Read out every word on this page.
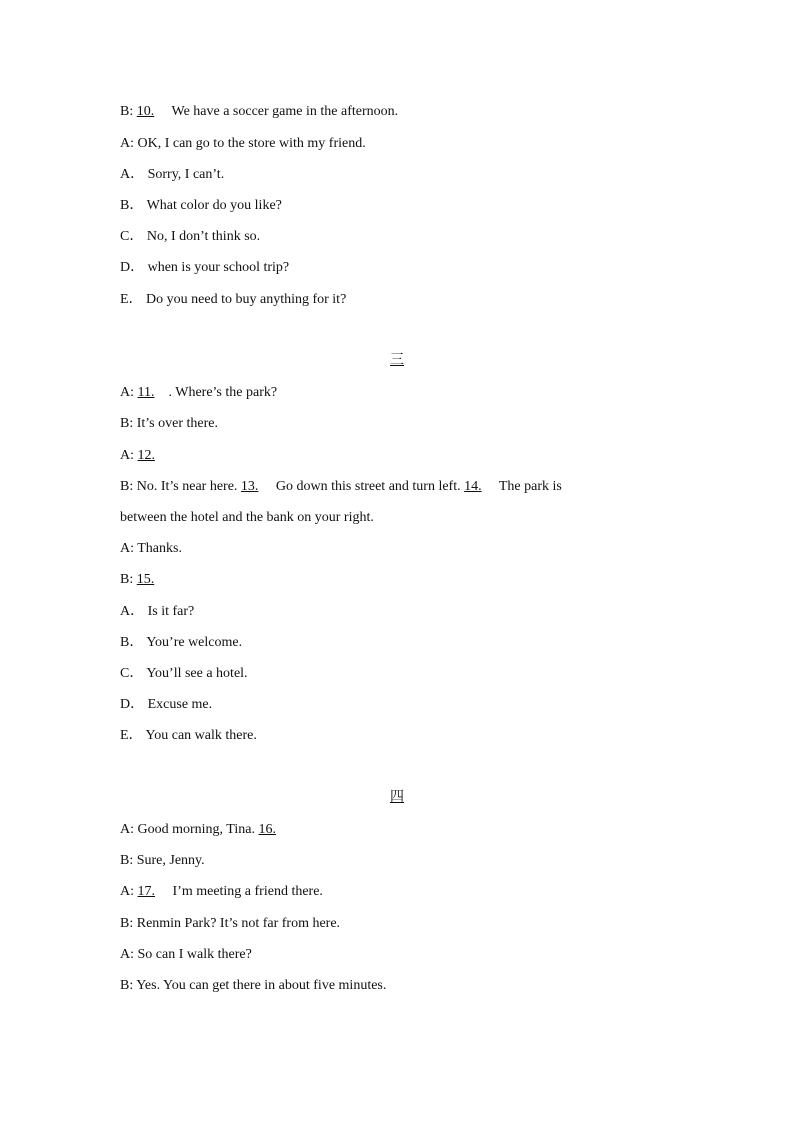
B: 10. We have a soccer game in the afternoon.
A: OK, I can go to the store with my friend.
A． Sorry, I can’t.
B． What color do you like?
C． No, I don’t think so.
D． when is your school trip?
E． Do you need to buy anything for it?
三
A: 11. . Where’s the park?
B: It’s over there.
A: 12.
B: No. It’s near here. 13. Go down this street and turn left. 14. The park is
between the hotel and the bank on your right.
A: Thanks.
B: 15.
A． Is it far?
B． You’re welcome.
C． You’ll see a hotel.
D． Excuse me.
E． You can walk there.
四
A: Good morning, Tina. 16.
B: Sure, Jenny.
A: 17. I’m meeting a friend there.
B: Renmin Park? It’s not far from here.
A: So can I walk there?
B: Yes. You can get there in about five minutes.
